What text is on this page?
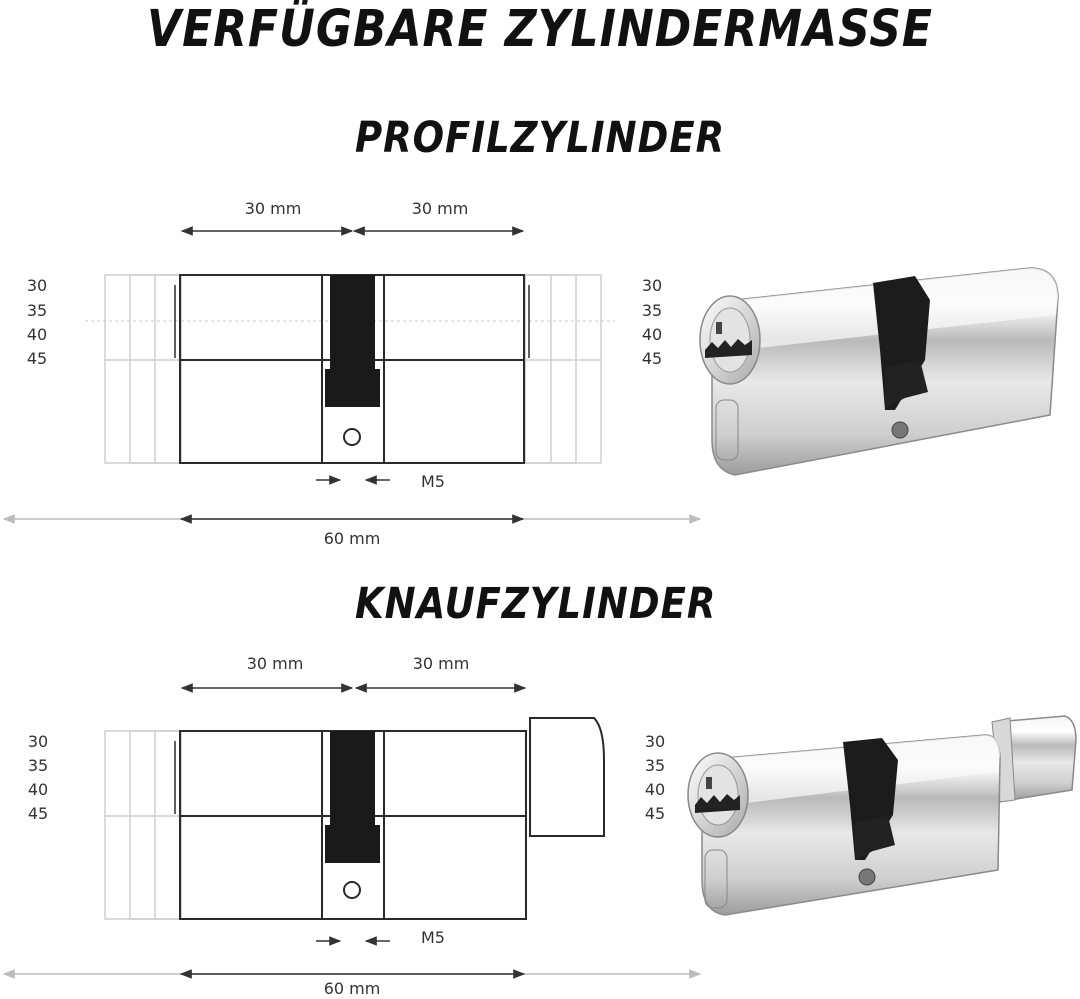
VERFÜGBARE ZYLINDERMASSE
PROFILZYLINDER
KNAUFZYLINDER
30 mm	30 mm
M5
60 mm
30
35
40
45
30
35
40
45
30 mm	30 mm
M5
60 mm
30
35
40
45
30
35
40
45
